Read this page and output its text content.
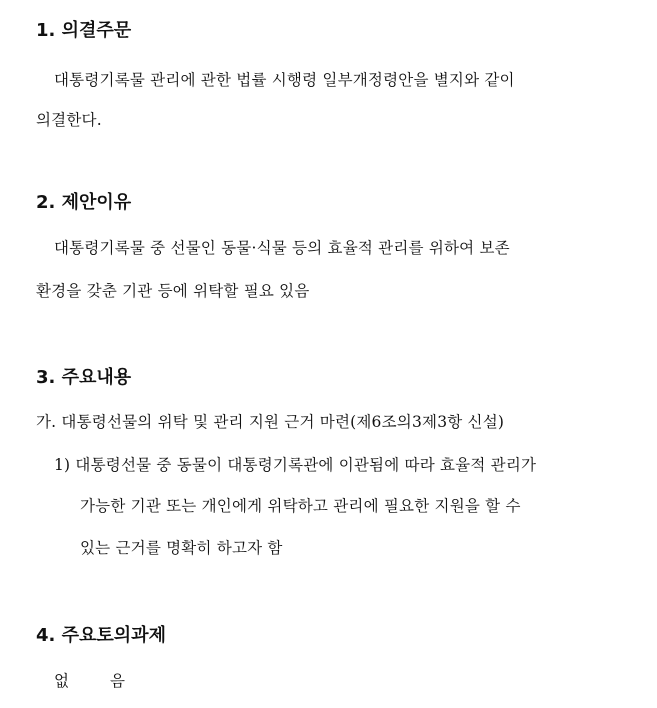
1. 의결주문
대통령기록물 관리에 관한 법률 시행령 일부개정령안을 별지와 같이
의결한다.
2. 제안이유
대통령기록물 중 선물인 동물·식물 등의 효율적 관리를 위하여 보존
환경을 갖춘 기관 등에 위탁할 필요 있음
3. 주요내용
가. 대통령선물의 위탁 및 관리 지원 근거 마련(제6조의3제3항 신설)
1) 대통령선물 중 동물이 대통령기록관에 이관됨에 따라 효율적 관리가
가능한 기관 또는 개인에게 위탁하고 관리에 필요한 지원을 할 수
있는 근거를 명확히 하고자 함
4. 주요토의과제
없	음
